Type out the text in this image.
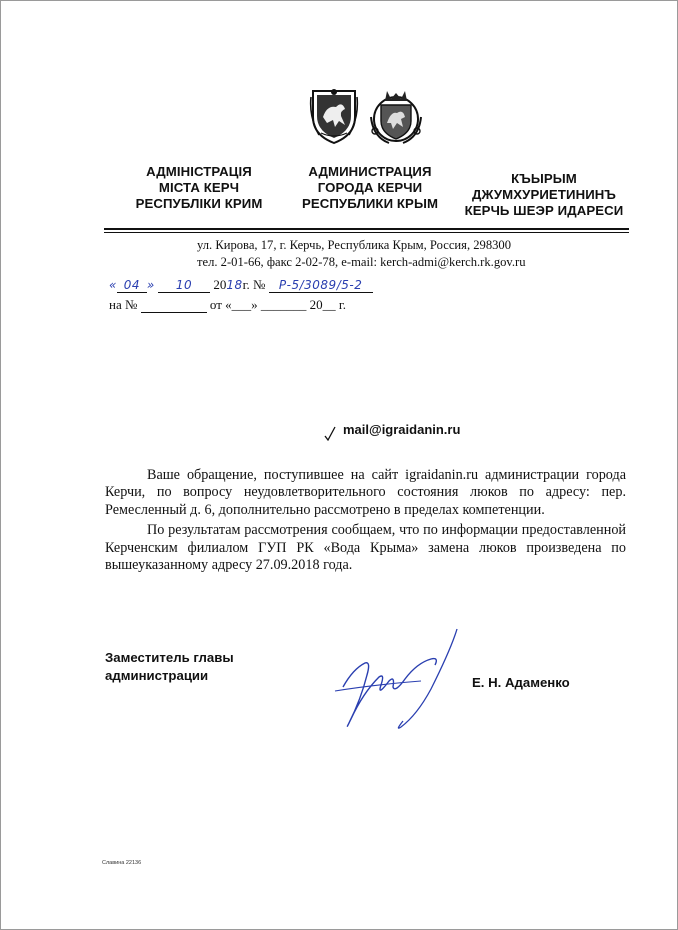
АДМІНІСТРАЦІЯ
МІСТА КЕРЧ
РЕСПУБЛІКИ КРИМ
АДМИНИСТРАЦИЯ
ГОРОДА КЕРЧИ
РЕСПУБЛИКИ КРЫМ
КЪЫРЫМ
ДЖУМХУРИЕТИНИНЪ
КЕРЧЬ ШЕЭР ИДАРЕСИ
ул. Кирова, 17, г. Керчь, Республика Крым, Россия, 298300
тел. 2-01-66, факс 2-02-78, e-mail: kerch-admi@kerch.rk.gov.ru
« 04 » 10 2018г. № Р-5/3089/5-2
на №	от «___» _______ 20__ г.
mail@igraidanin.ru

Ваше обращение, поступившее на сайт igraidanin.ru администрации города Керчи, по вопросу неудовлетворительного состояния люков по адресу: пер. Ремесленный д. 6, дополнительно рассмотрено в пределах компетенции.

По результатам рассмотрения сообщаем, что по информации предоставленной Керченским филиалом ГУП РК «Вода Крыма» замена люков произведена по вышеуказанному адресу 27.09.2018 года.

Заместитель главы
администрации	Е. Н. Адаменко
Славина 22136
